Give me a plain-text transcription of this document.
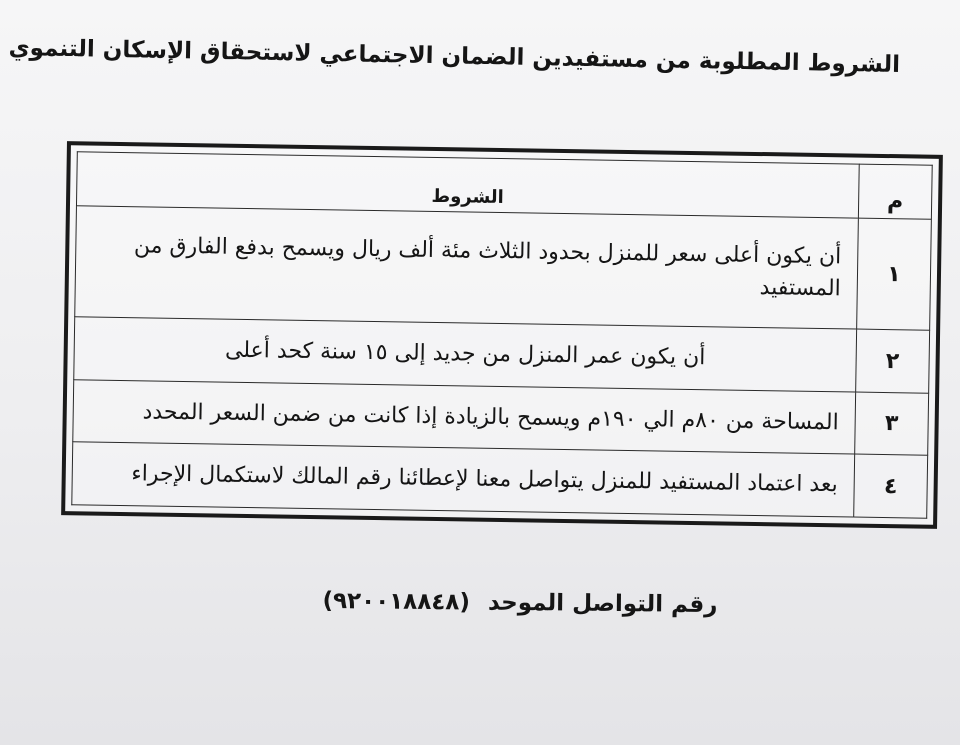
الشروط المطلوبة من مستفيدين الضمان الاجتماعي لاستحقاق الإسكان التنموي
م	الشروط
١	أن يكون أعلى سعر للمنزل بحدود الثلاث مئة ألف ريال ويسمح بدفع الفارق من المستفيد
٢	أن يكون عمر المنزل من جديد إلى ١٥ سنة كحد أعلى
٣	المساحة من ٨٠م الي ١٩٠م ويسمح بالزيادة إذا كانت من ضمن السعر المحدد
٤	بعد اعتماد المستفيد للمنزل يتواصل معنا لإعطائنا رقم المالك لاستكمال الإجراء
رقم التواصل الموحد (٩٢٠٠١٨٨٤٨)
